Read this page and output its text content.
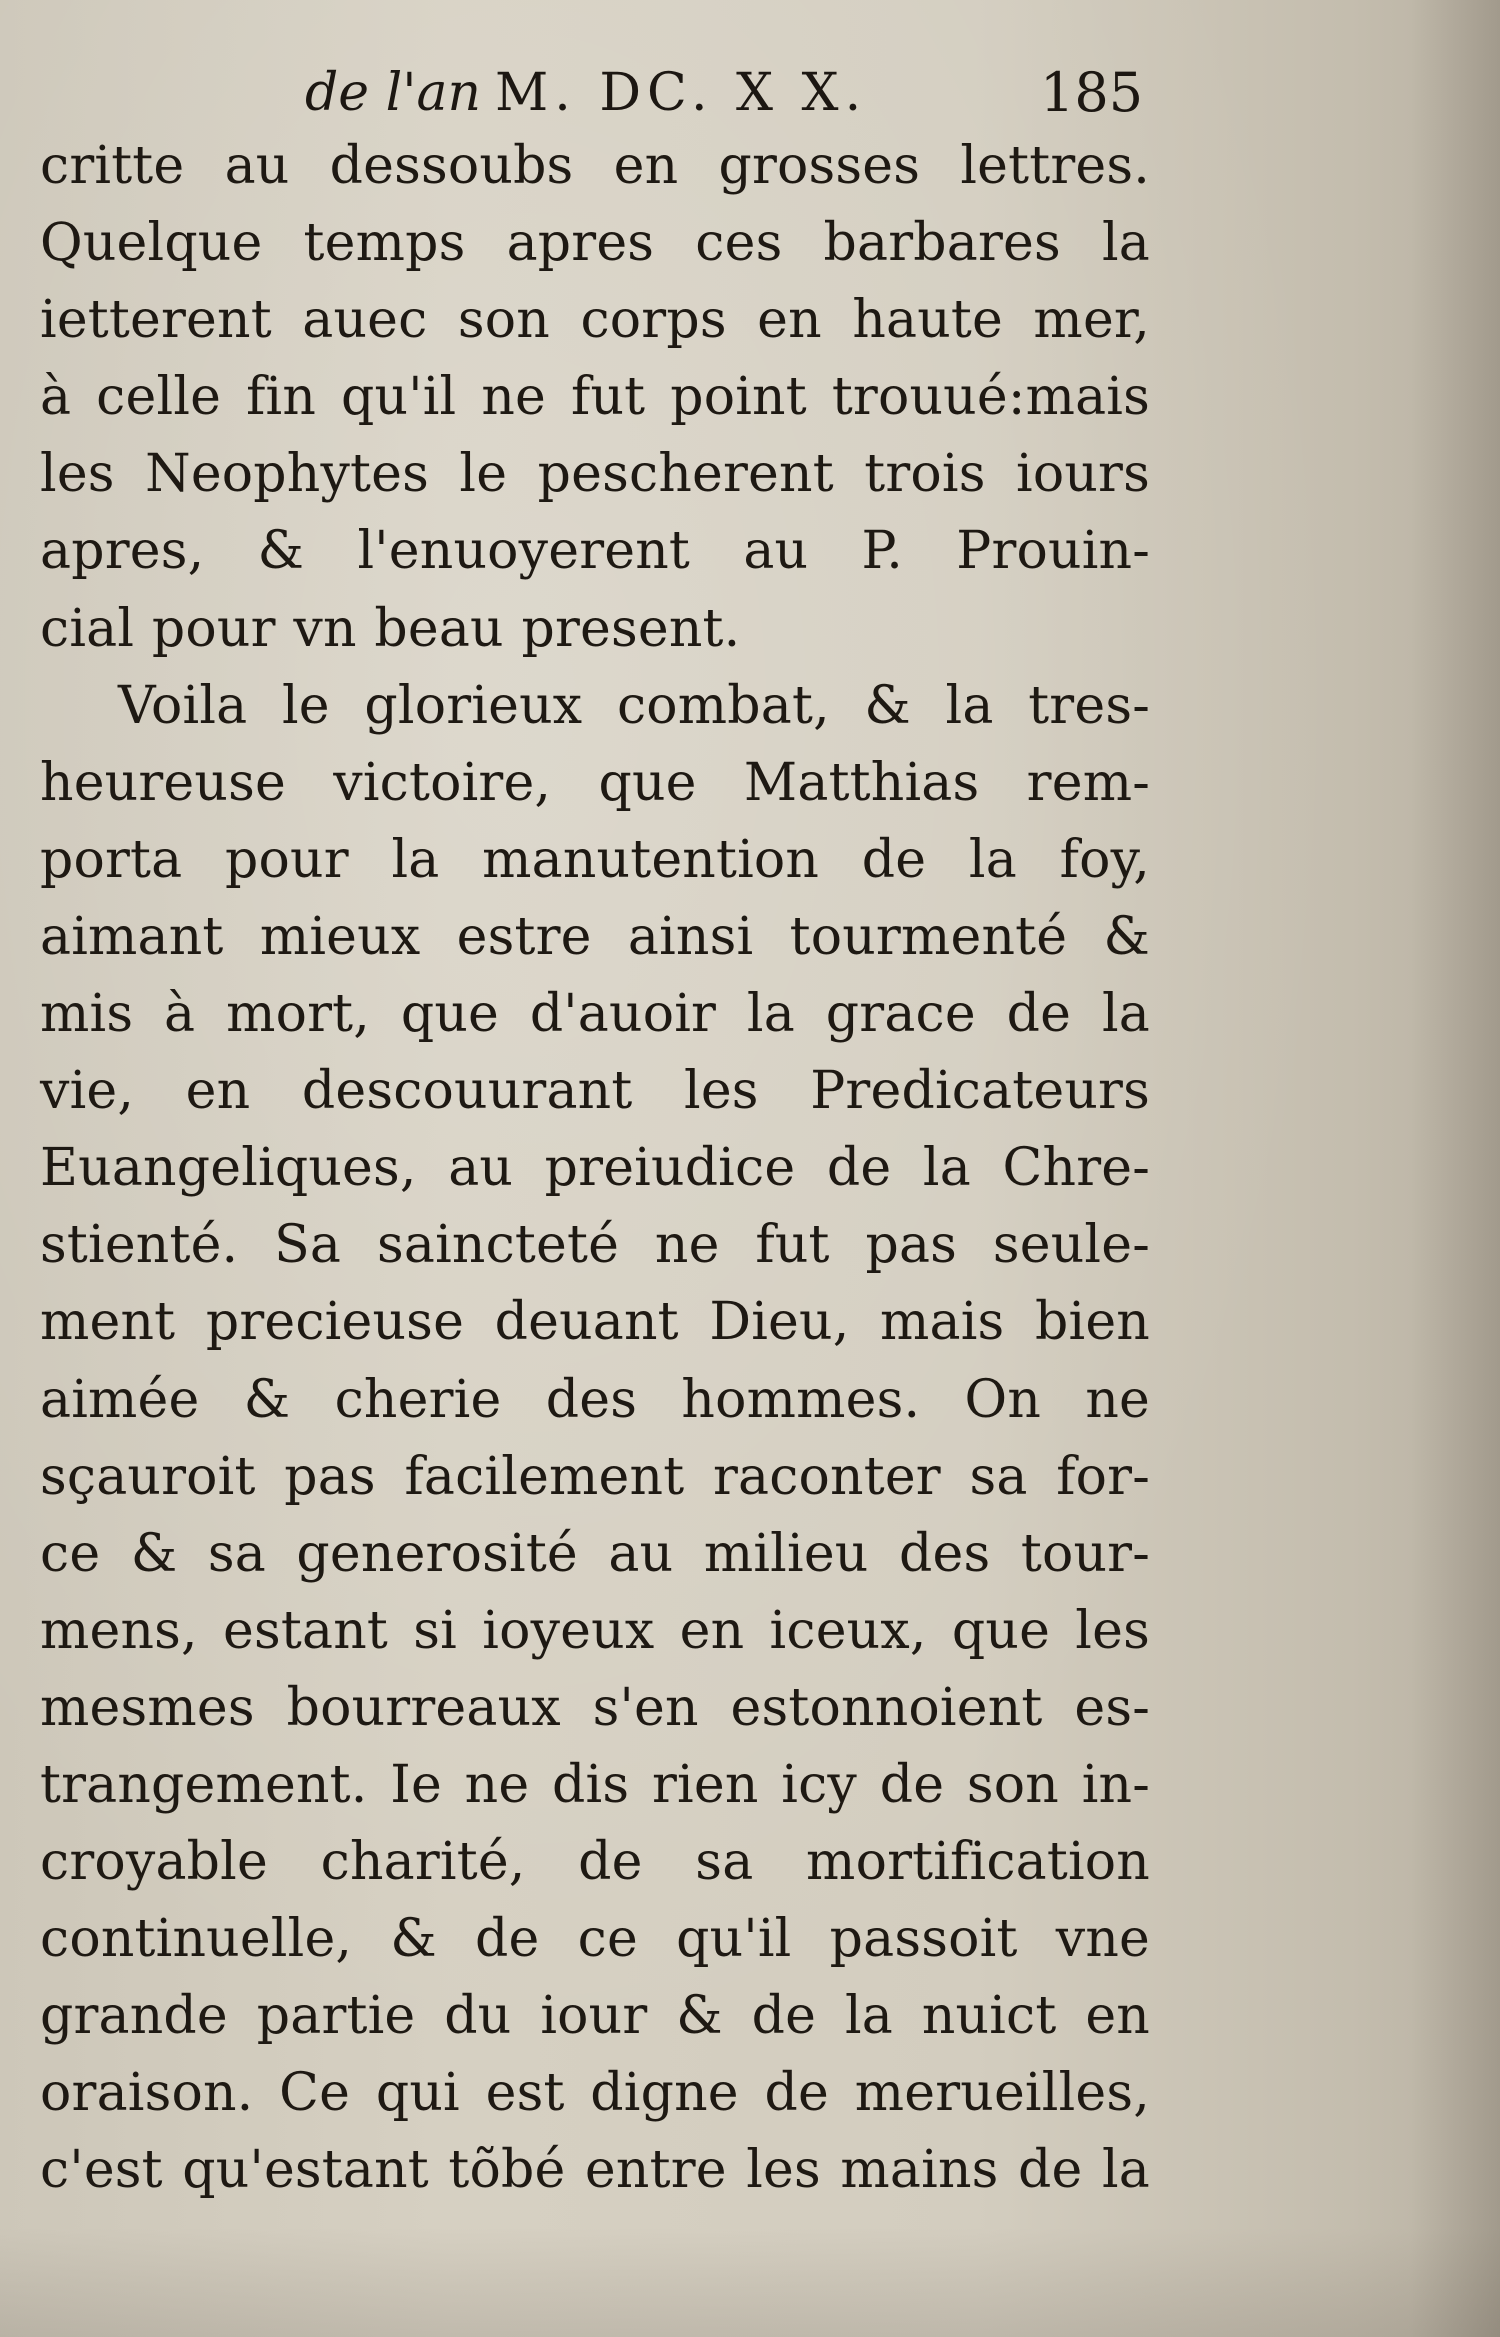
de l'an M. DC. X X.	185
critte au dessoubs en grosses lettres.
Quelque temps apres ces barbares la
ietterent auec son corps en haute mer,
à celle fin qu'il ne fut point trouué:mais
les Neophytes le pescherent trois iours
apres, & l'enuoyerent au P. Prouin-
cial pour vn beau present.
Voila le glorieux combat, & la tres-
heureuse victoire, que Matthias rem-
porta pour la manutention de la foy,
aimant mieux estre ainsi tourmenté &
mis à mort, que d'auoir la grace de la
vie, en descouurant les Predicateurs
Euangeliques, au preiudice de la Chre-
stienté. Sa saincteté ne fut pas seule-
ment precieuse deuant Dieu, mais bien
aimée & cherie des hommes. On ne
sçauroit pas facilement raconter sa for-
ce & sa generosité au milieu des tour-
mens, estant si ioyeux en iceux, que les
mesmes bourreaux s'en estonnoient es-
trangement. Ie ne dis rien icy de son in-
croyable charité, de sa mortification
continuelle, & de ce qu'il passoit vne
grande partie du iour & de la nuict en
oraison. Ce qui est digne de merueilles,
c'est qu'estant tõbé entre les mains de la
